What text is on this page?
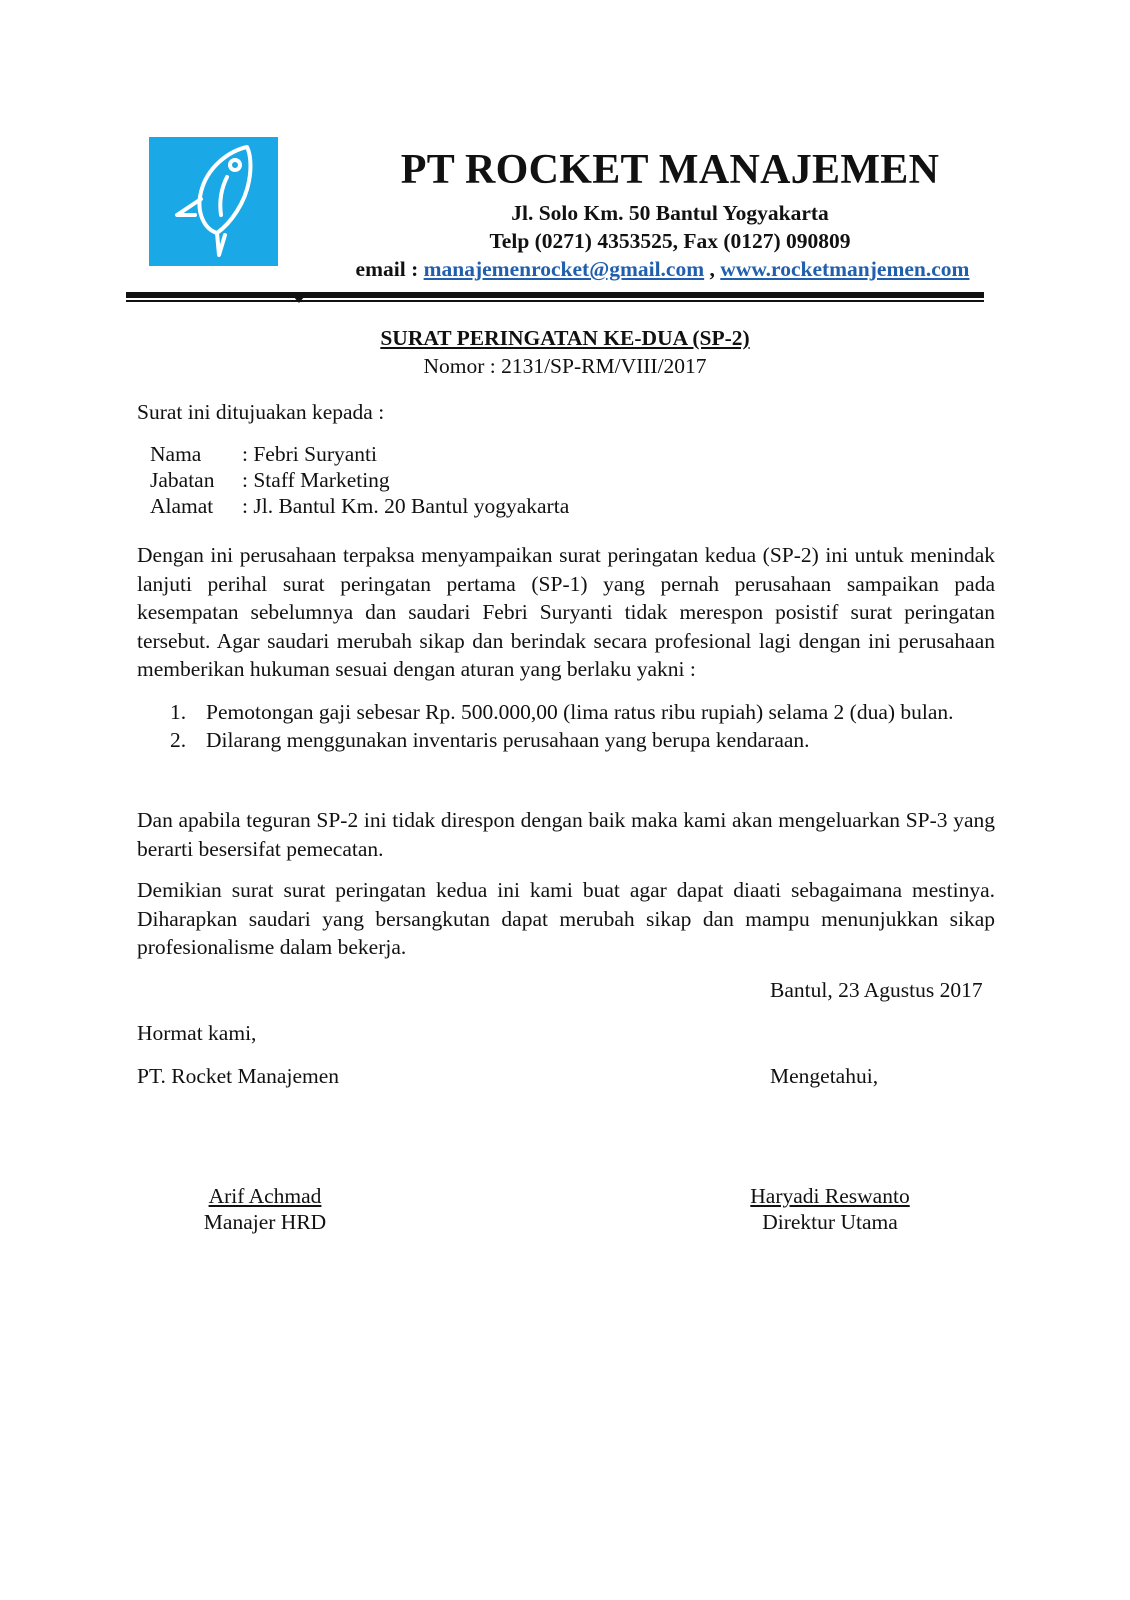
PT ROCKET MANAJEMEN
Jl. Solo Km. 50 Bantul Yogyakarta
Telp (0271) 4353525, Fax (0127) 090809
email : manajemenrocket@gmail.com , www.rocketmanjemen.com
SURAT PERINGATAN KE-DUA (SP-2)
Nomor : 2131/SP-RM/VIII/2017
Surat ini ditujuakan kepada :
Nama	: Febri Suryanti
Jabatan	: Staff Marketing
Alamat	: Jl. Bantul Km. 20 Bantul yogyakarta
Dengan ini perusahaan terpaksa menyampaikan surat peringatan kedua (SP-2) ini untuk menindak lanjuti perihal surat peringatan pertama (SP-1) yang pernah perusahaan sampaikan pada kesempatan sebelumnya dan saudari Febri Suryanti tidak merespon posistif surat peringatan tersebut. Agar saudari merubah sikap dan berindak secara profesional lagi dengan ini perusahaan memberikan hukuman sesuai dengan aturan yang berlaku yakni :
1. Pemotongan gaji sebesar Rp. 500.000,00 (lima ratus ribu rupiah) selama 2 (dua) bulan.
2. Dilarang menggunakan inventaris perusahaan yang berupa kendaraan.
Dan apabila teguran SP-2 ini tidak direspon dengan baik maka kami akan mengeluarkan SP-3 yang berarti besersifat pemecatan.
Demikian surat surat peringatan kedua ini kami buat agar dapat diaati sebagaimana mestinya. Diharapkan saudari yang bersangkutan dapat merubah sikap dan mampu menunjukkan sikap profesionalisme dalam bekerja.
Bantul, 23 Agustus 2017
Hormat kami,
PT. Rocket Manajemen	Mengetahui,
Arif Achmad
Manajer HRD
Haryadi Reswanto
Direktur Utama
